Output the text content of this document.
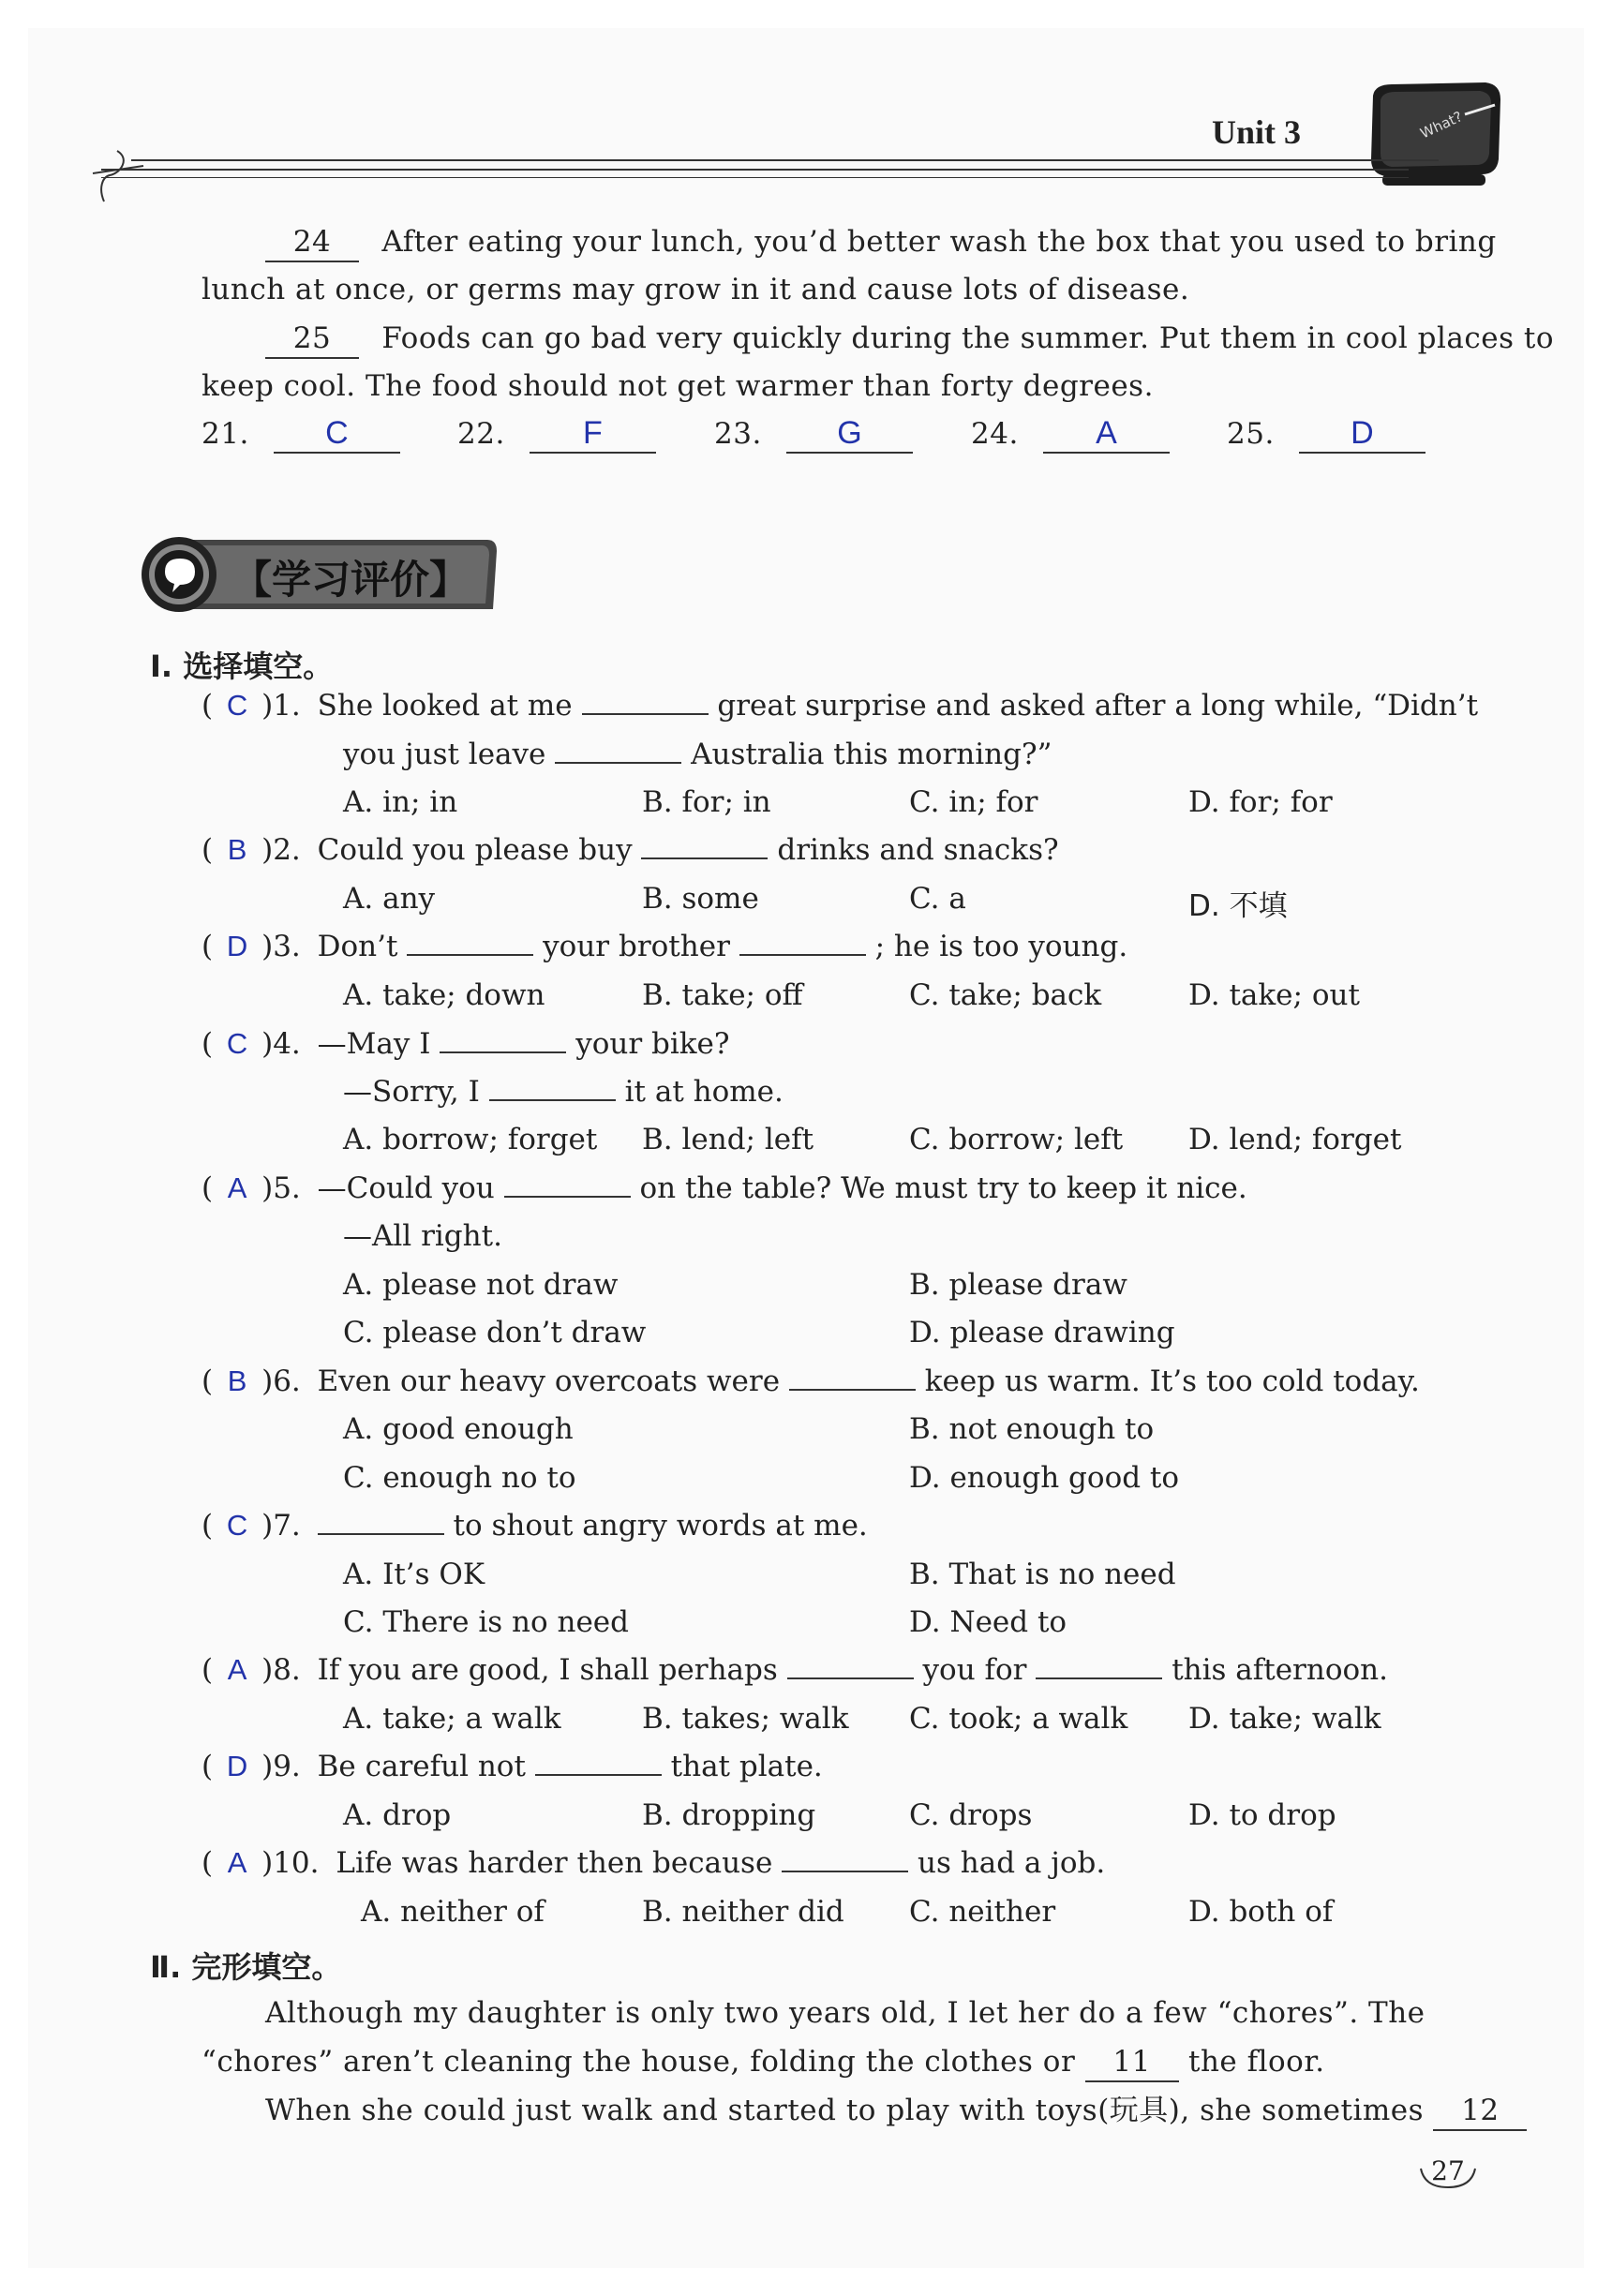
Unit 3	What?
24 After eating your lunch, you’d better wash the box that you used to bring
lunch at once, or germs may grow in it and cause lots of disease.
25 Foods can go bad very quickly during the summer. Put them in cool places to
keep cool. The food should not get warmer than forty degrees.
21. C	22. F	23. G	24. A	25. D
【学习评价】
Ⅰ. 选择填空。
( C )1. She looked at me	great surprise and asked after a long while, “Didn’t
you just leave	Australia this morning?”
A. in; in	B. for; in	C. in; for	D. for; for
( B )2. Could you please buy	drinks and snacks?
A. any	B. some	C. a	D. 不填
( D )3. Don’t	your brother	; he is too young.
A. take; down	B. take; off	C. take; back	D. take; out
( C )4. —May I	your bike?
—Sorry, I	it at home.
A. borrow; forget B. lend; left	C. borrow; left D. lend; forget
( A )5. —Could you	on the table? We must try to keep it nice.
—All right.
A. please not draw	B. please draw
C. please don’t draw	D. please drawing
( B )6. Even our heavy overcoats were	keep us warm. It’s too cold today.
A. good enough	B. not enough to
C. enough no to	D. enough good to
( C )7.	to shout angry words at me.
A. It’s OK	B. That is no need
C. There is no need	D. Need to
( A )8. If you are good, I shall perhaps	you for	this afternoon.
A. take; a walk	B. takes; walk C. took; a walk D. take; walk
( D )9. Be careful not	that plate.
A. drop	B. dropping	C. drops	D. to drop
( A )10. Life was harder then because	us had a job.
A. neither of	B. neither did C. neither	D. both of
Ⅱ. 完形填空。
Although my daughter is only two years old, I let her do a few “chores”. The
“chores” aren’t cleaning the house, folding the clothes or 11 the floor.
When she could just walk and started to play with toys(玩具), she sometimes 12
27
